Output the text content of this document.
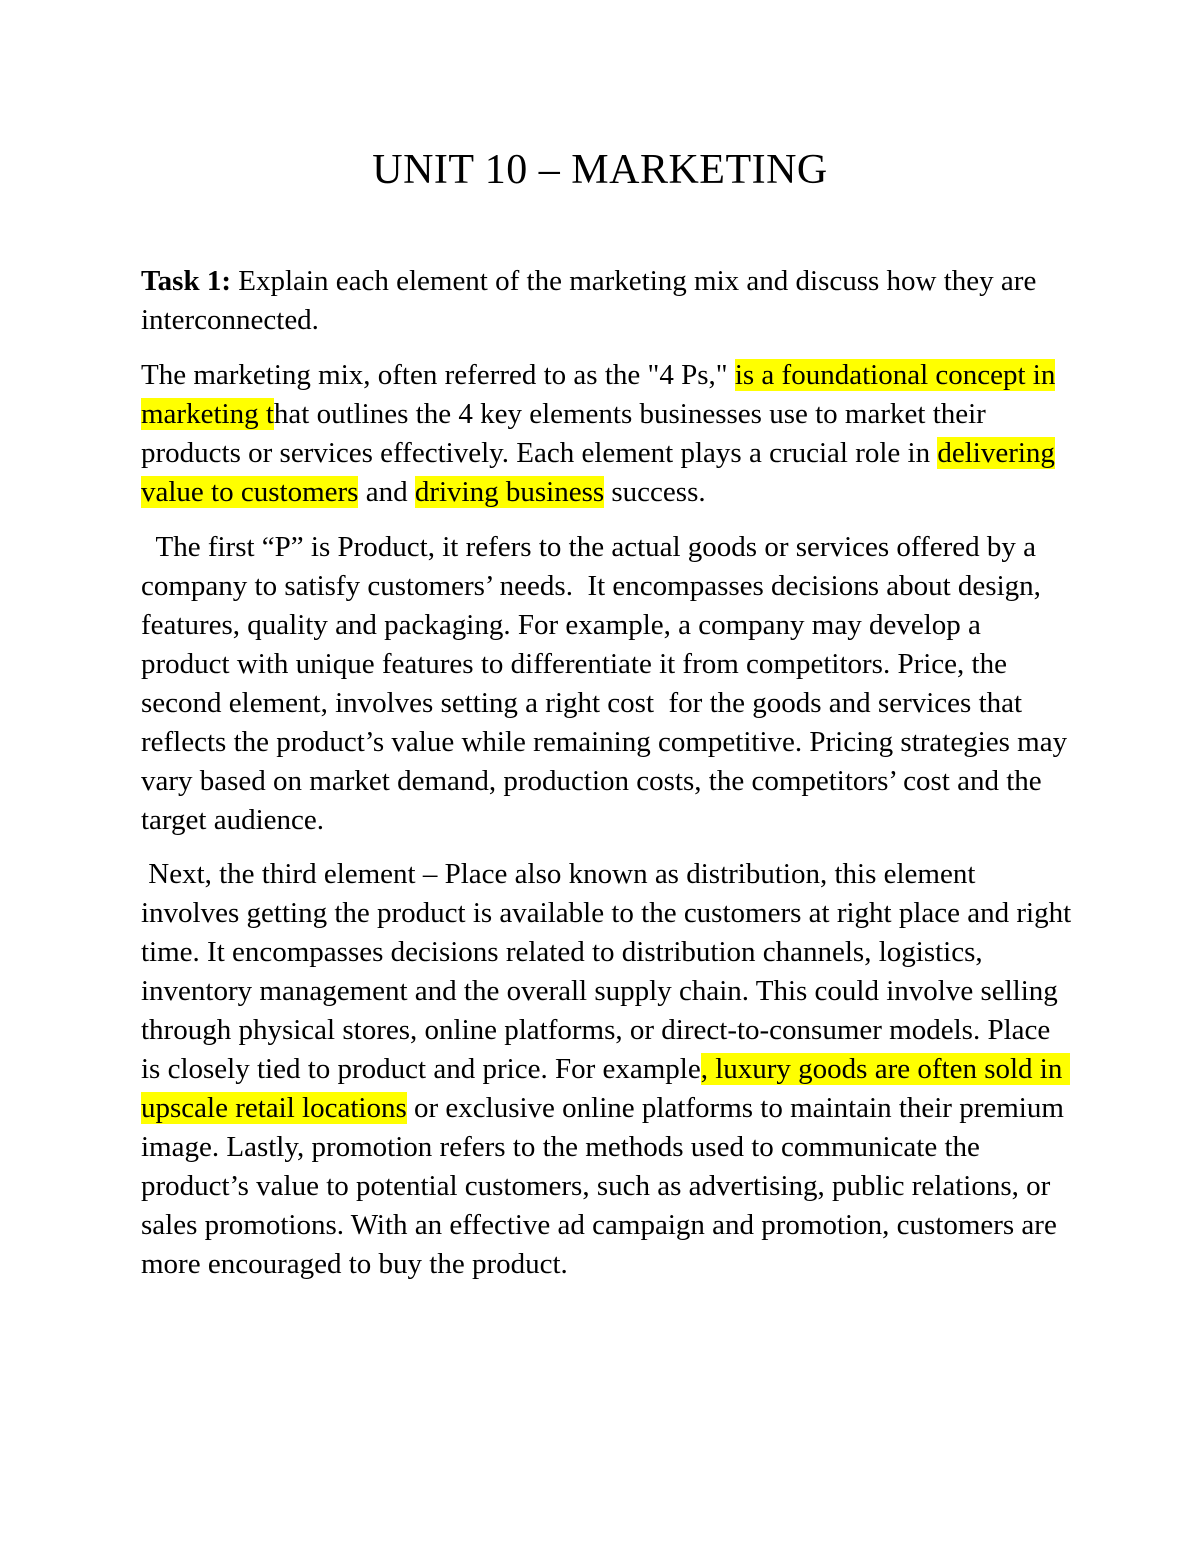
UNIT 10 – MARKETING

Task 1: Explain each element of the marketing mix and discuss how they are interconnected.

The marketing mix, often referred to as the "4 Ps," is a foundational concept in marketing that outlines the 4 key elements businesses use to market their products or services effectively. Each element plays a crucial role in delivering value to customers and driving business success.

The first “P” is Product, it refers to the actual goods or services offered by a company to satisfy customers’ needs.  It encompasses decisions about design, features, quality and packaging. For example, a company may develop a product with unique features to differentiate it from competitors. Price, the second element, involves setting a right cost  for the goods and services that reflects the product’s value while remaining competitive. Pricing strategies may vary based on market demand, production costs, the competitors’ cost and the target audience.

Next, the third element – Place also known as distribution, this element involves getting the product is available to the customers at right place and right time. It encompasses decisions related to distribution channels, logistics, inventory management and the overall supply chain. This could involve selling through physical stores, online platforms, or direct-to-consumer models. Place is closely tied to product and price. For example, luxury goods are often sold in upscale retail locations or exclusive online platforms to maintain their premium image. Lastly, promotion refers to the methods used to communicate the product’s value to potential customers, such as advertising, public relations, or sales promotions. With an effective ad campaign and promotion, customers are more encouraged to buy the product.
